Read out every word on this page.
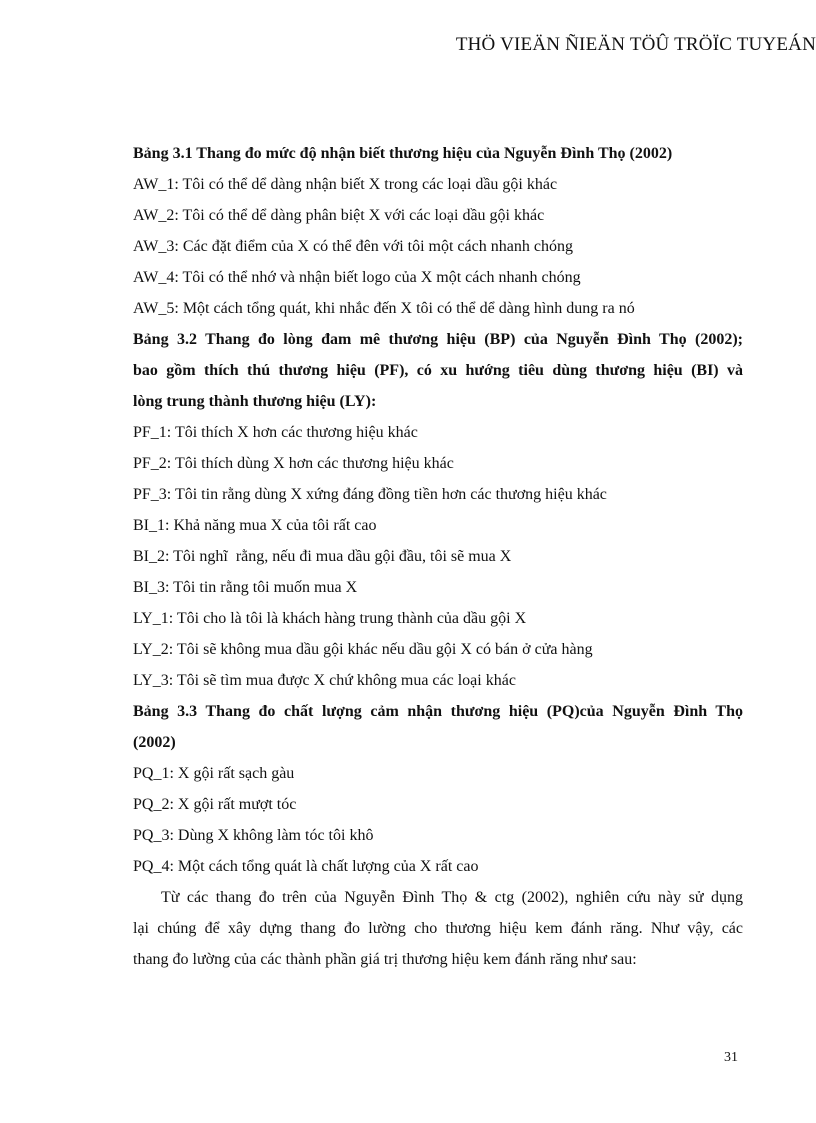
THÖ VIEÄN ÑIEÄN TÖÛ TRÖÏC TUYEÁN
Bảng 3.1 Thang đo mức độ nhận biết thương hiệu của Nguyễn Đình Thọ (2002)
AW_1: Tôi có thể dể dàng nhận biết X trong các loại dầu gội khác
AW_2: Tôi có thể dể dàng phân biệt X với các loại dầu gội khác
AW_3: Các đặt điểm của X có thể đên với tôi một cách nhanh chóng
AW_4: Tôi có thể nhớ và nhận biết logo của X một cách nhanh chóng
AW_5: Một cách tổng quát, khi nhắc đến X tôi có thể dể dàng hình dung ra nó
Bảng 3.2 Thang đo lòng đam mê thương hiệu (BP) của Nguyễn Đình Thọ (2002);
bao gồm thích thú thương hiệu (PF), có xu hướng tiêu dùng thương hiệu (BI) và
lòng trung thành thương hiệu (LY):
PF_1: Tôi thích X hơn các thương hiệu khác
PF_2: Tôi thích dùng X hơn các thương hiệu khác
PF_3: Tôi tin rằng dùng X xứng đáng đồng tiền hơn các thương hiệu khác
BI_1: Khả năng mua X của tôi rất cao
BI_2: Tôi nghĩ  rằng, nếu đi mua dầu gội đầu, tôi sẽ mua X
BI_3: Tôi tin rằng tôi muốn mua X
LY_1: Tôi cho là tôi là khách hàng trung thành của dầu gội X
LY_2: Tôi sẽ không mua dầu gội khác nếu dầu gội X có bán ở cửa hàng
LY_3: Tôi sẽ tìm mua được X chứ không mua các loại khác
Bảng 3.3 Thang đo chất lượng cảm nhận thương hiệu (PQ)của Nguyễn Đình Thọ
(2002)
PQ_1: X gội rất sạch gàu
PQ_2: X gội rất mượt tóc
PQ_3: Dùng X không làm tóc tôi khô
PQ_4: Một cách tổng quát là chất lượng của X rất cao
Từ các thang đo trên của Nguyễn Đình Thọ & ctg (2002), nghiên cứu này sử dụng
lại chúng để xây dựng thang đo lường cho thương hiệu kem đánh răng. Như vậy, các
thang đo lường của các thành phần giá trị thương hiệu kem đánh răng như sau:
31
